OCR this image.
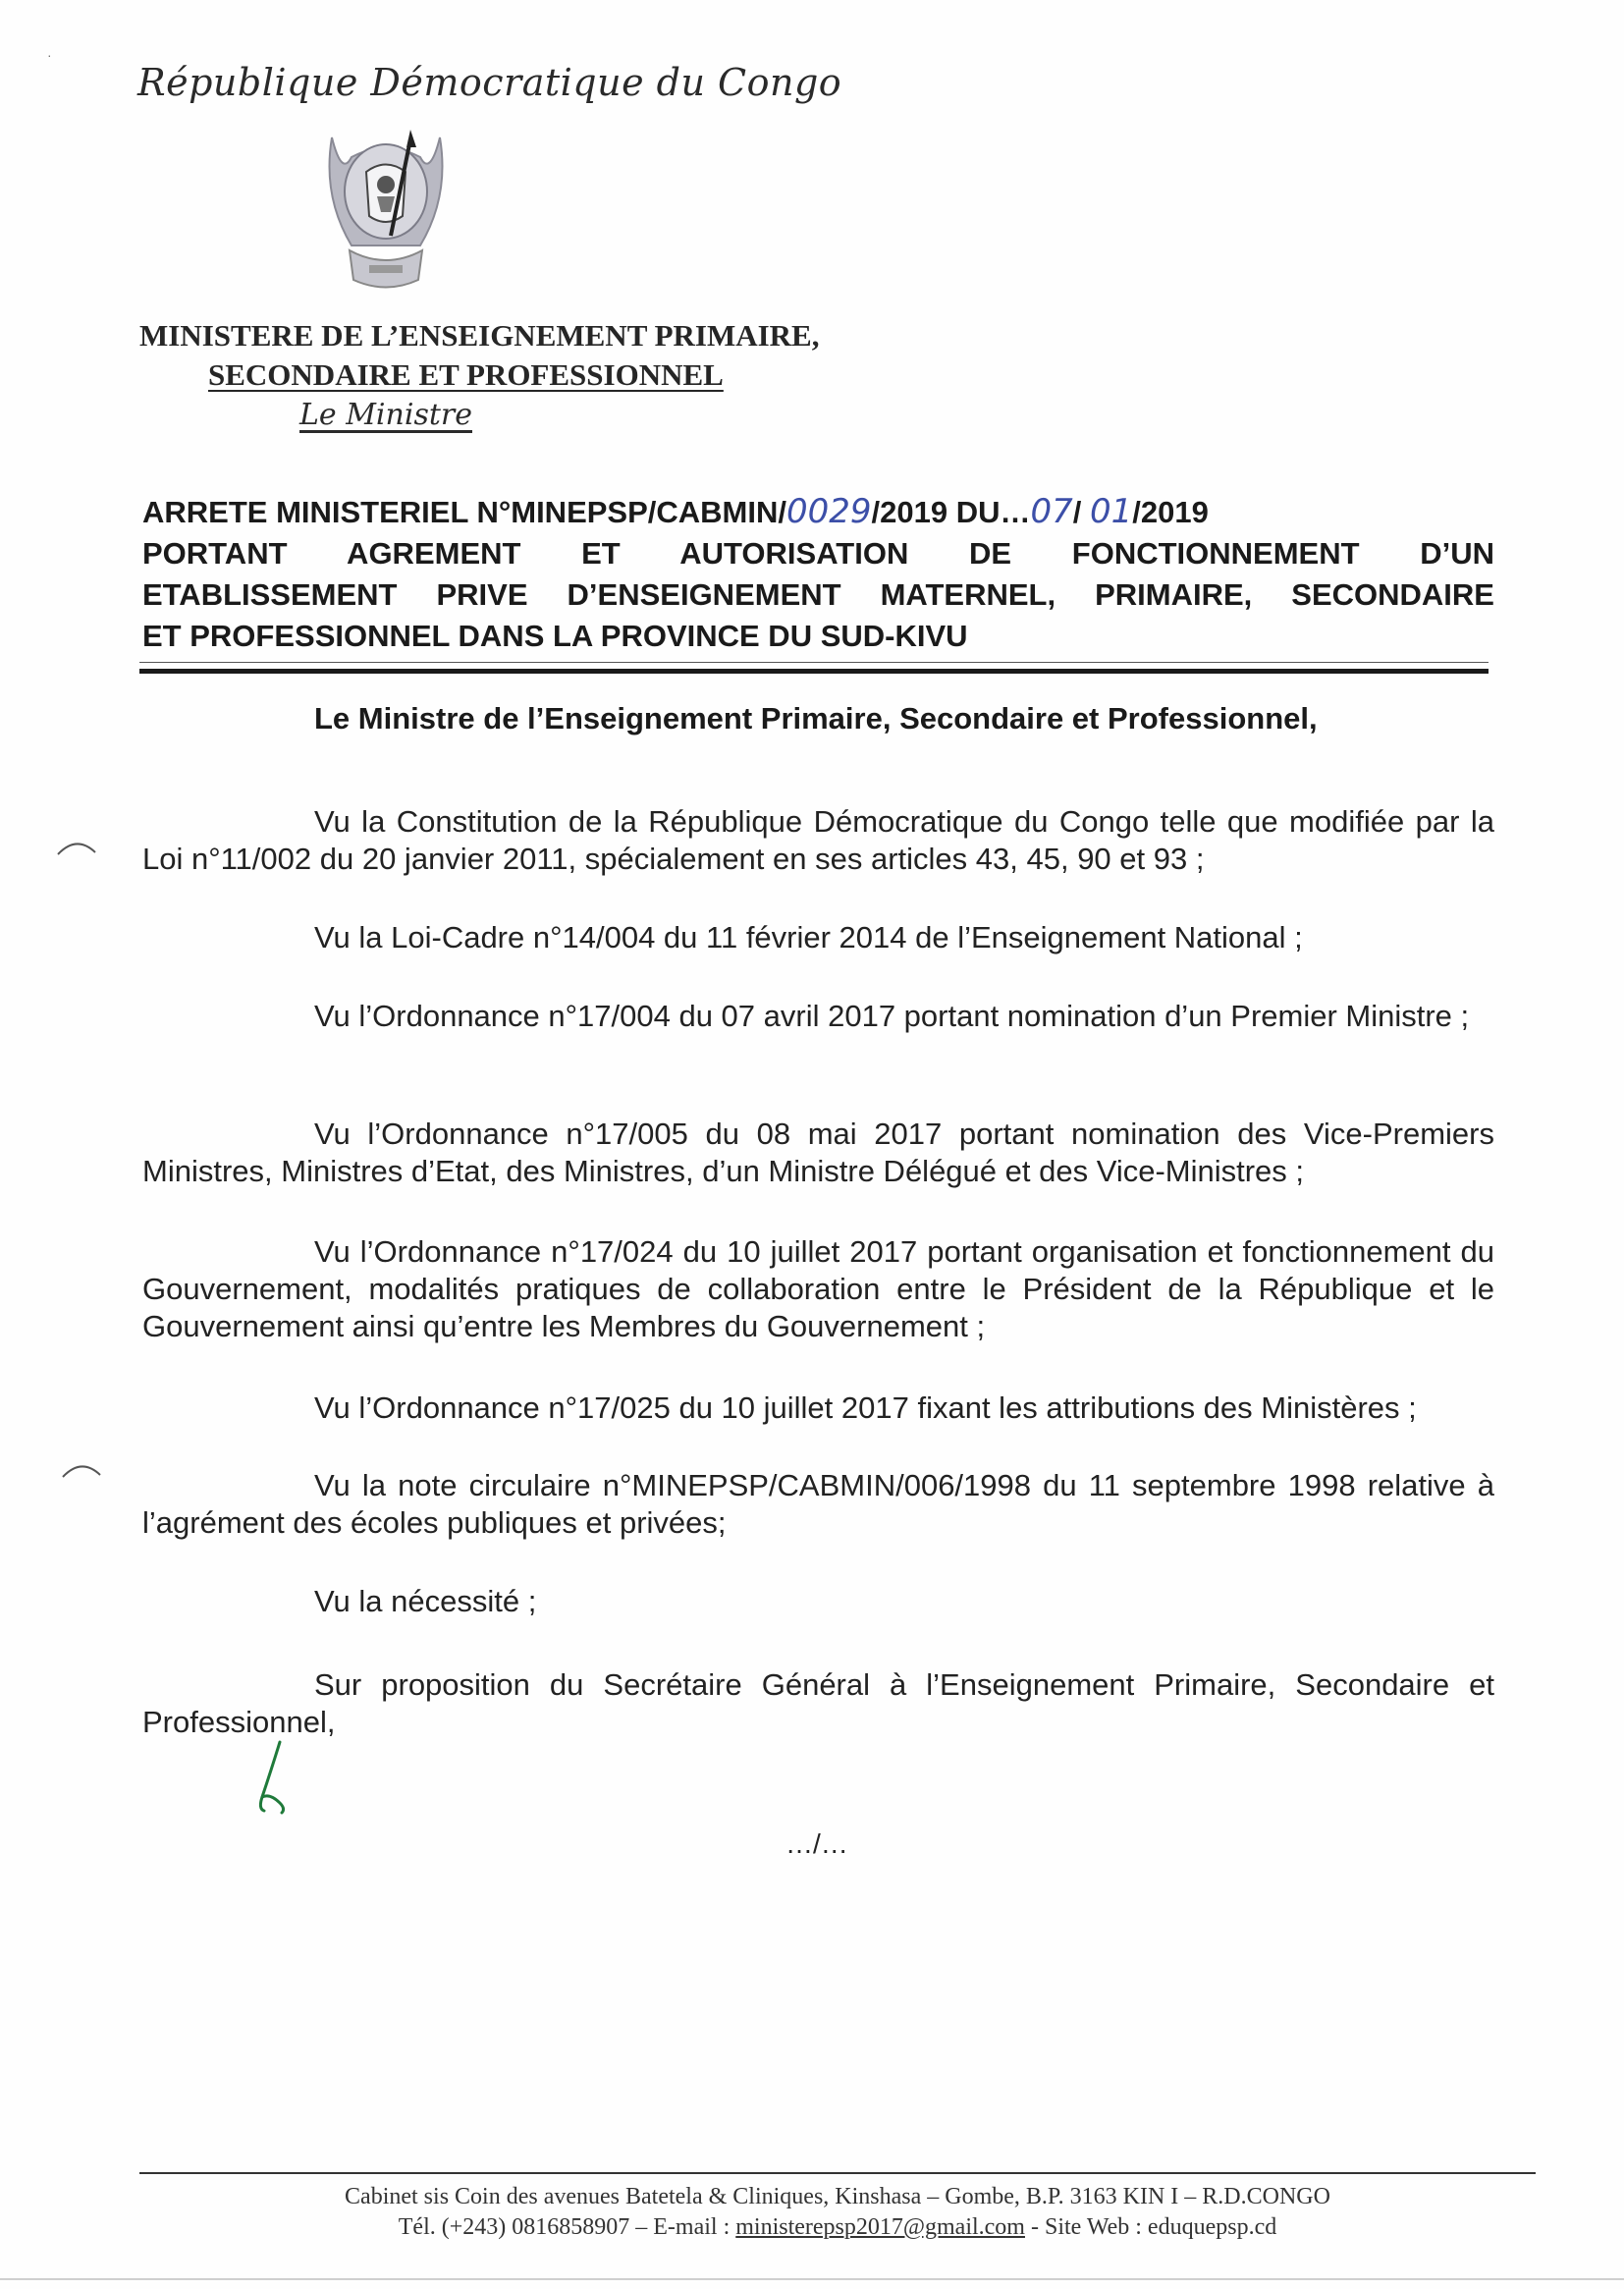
·
République Démocratique du Congo
MINISTERE DE L’ENSEIGNEMENT PRIMAIRE,
SECONDAIRE ET PROFESSIONNEL
Le Ministre
ARRETE MINISTERIEL N°MINEPSP/CABMIN/0029/2019 DU…07/ 01/2019
PORTANT AGREMENT ET AUTORISATION DE FONCTIONNEMENT D’UN
ETABLISSEMENT PRIVE D’ENSEIGNEMENT MATERNEL, PRIMAIRE, SECONDAIRE
ET PROFESSIONNEL DANS LA PROVINCE DU SUD-KIVU
Le Ministre de l’Enseignement Primaire, Secondaire et Professionnel,
Vu la Constitution de la République Démocratique du Congo telle que modifiée par la Loi n°11/002 du 20 janvier 2011, spécialement en ses articles 43, 45, 90 et 93 ;
Vu la Loi-Cadre n°14/004 du 11 février 2014 de l’Enseignement National ;
Vu l’Ordonnance n°17/004 du 07 avril 2017 portant nomination d’un Premier Ministre ;
Vu l’Ordonnance n°17/005 du 08 mai 2017 portant nomination des Vice-Premiers Ministres, Ministres d’Etat, des Ministres, d’un Ministre Délégué et des Vice-Ministres ;
Vu l’Ordonnance n°17/024 du 10 juillet 2017 portant organisation et fonctionnement du Gouvernement, modalités pratiques de collaboration entre le Président de la République et le Gouvernement ainsi qu’entre les Membres du Gouvernement ;
Vu l’Ordonnance n°17/025 du 10 juillet 2017 fixant les attributions des Ministères ;
Vu la note circulaire n°MINEPSP/CABMIN/006/1998 du 11 septembre 1998 relative à l’agrément des écoles publiques et privées;
Vu la nécessité ;
Sur proposition du Secrétaire Général à l’Enseignement Primaire, Secondaire et Professionnel,
…/…
Cabinet sis Coin des avenues Batetela & Cliniques, Kinshasa – Gombe, B.P. 3163 KIN I – R.D.CONGO
Tél. (+243) 0816858907 – E-mail : ministerepsp2017@gmail.com - Site Web : eduquepsp.cd
